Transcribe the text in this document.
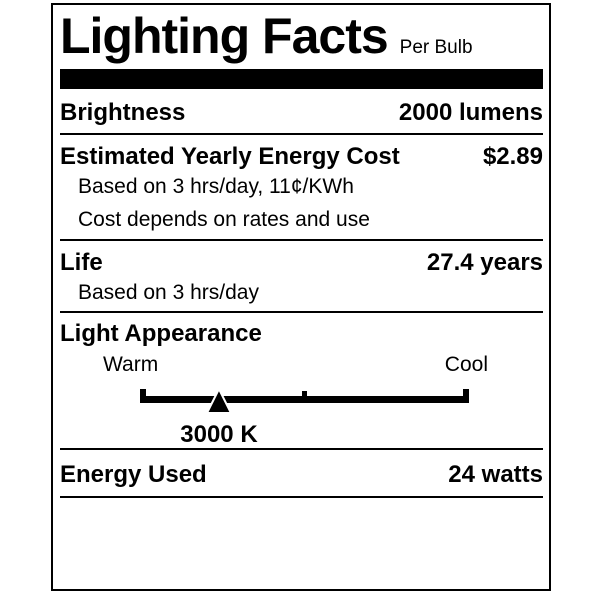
Lighting Facts Per Bulb
Brightness	2000 lumens
Estimated Yearly Energy Cost	$2.89
Based on 3 hrs/day, 11¢/KWh
Cost depends on rates and use
Life	27.4 years
Based on 3 hrs/day
Light Appearance
Warm	Cool
3000 K
Energy Used	24 watts
